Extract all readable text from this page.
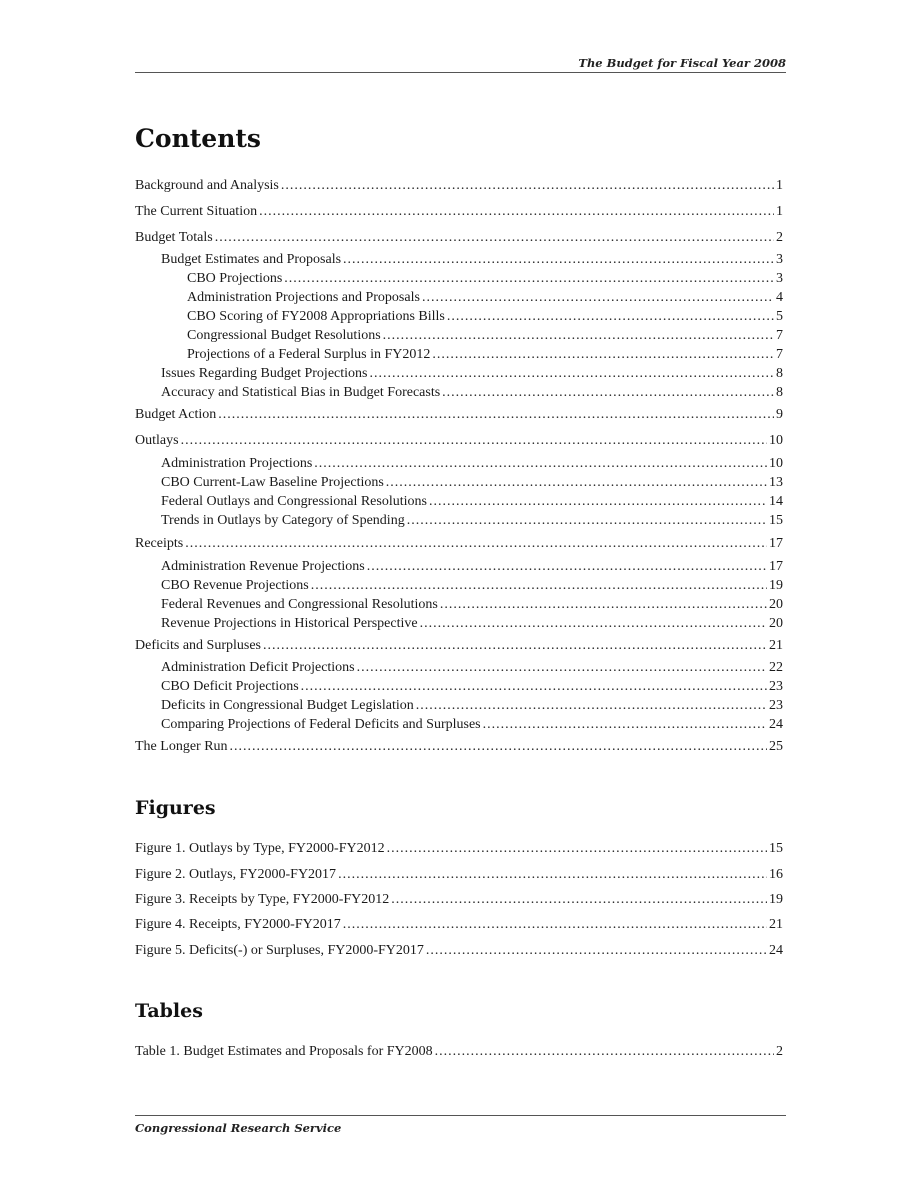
The Budget for Fiscal Year 2008
Contents
Background and Analysis .....	1
The Current Situation .....	1
Budget Totals .....	2
Budget Estimates and Proposals .....	3
CBO Projections .....	3
Administration Projections and Proposals .....	4
CBO Scoring of FY2008 Appropriations Bills .....	5
Congressional Budget Resolutions .....	7
Projections of a Federal Surplus in FY2012 .....	7
Issues Regarding Budget Projections .....	8
Accuracy and Statistical Bias in Budget Forecasts .....	8
Budget Action .....	9
Outlays .....	10
Administration Projections .....	10
CBO Current-Law Baseline Projections .....	13
Federal Outlays and Congressional Resolutions .....	14
Trends in Outlays by Category of Spending .....	15
Receipts .....	17
Administration Revenue Projections .....	17
CBO Revenue Projections .....	19
Federal Revenues and Congressional Resolutions .....	20
Revenue Projections in Historical Perspective .....	20
Deficits and Surpluses .....	21
Administration Deficit Projections .....	22
CBO Deficit Projections .....	23
Deficits in Congressional Budget Legislation .....	23
Comparing Projections of Federal Deficits and Surpluses .....	24
The Longer Run .....	25
Figures
Figure 1. Outlays by Type, FY2000-FY2012 .....	15
Figure 2. Outlays, FY2000-FY2017 .....	16
Figure 3. Receipts by Type, FY2000-FY2012 .....	19
Figure 4. Receipts, FY2000-FY2017 .....	21
Figure 5. Deficits(-) or Surpluses, FY2000-FY2017 .....	24
Tables
Table 1. Budget Estimates and Proposals for FY2008 .....	2
Congressional Research Service
